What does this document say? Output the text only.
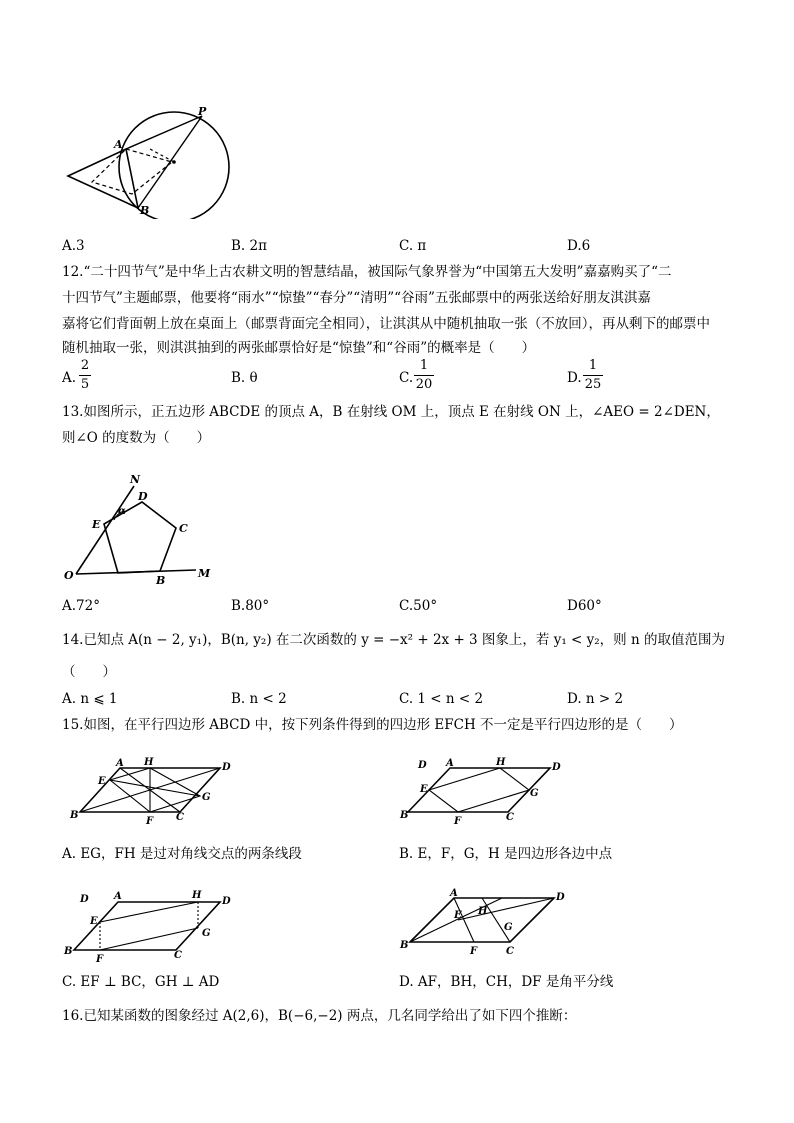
A
B
P
A.3	B. 2π	C. π	D.6
12.“二十四节气”是中华上古农耕文明的智慧结晶，被国际气象界誉为“中国第五大发明”嘉嘉购买了“二
十四节气”主题邮票，他要将“雨水”“惊蛰”“春分”“清明”“谷雨”五张邮票中的两张送给好朋友淇淇嘉
嘉将它们背面朝上放在桌面上（邮票背面完全相同），让淇淇从中随机抽取一张（不放回），再从剩下的邮票中
随机抽取一张，则淇淇抽到的两张邮票恰好是“惊蛰”和“谷雨”的概率是（　　）
A.
2
5	B. θ	C.
1
20	D.
1
25
13.如图所示，正五边形 ABCDE 的顶点 A，B 在射线 OM 上，顶点 E 在射线 ON 上，∠AEO = 2∠DEN，
则∠O 的度数为（　　）
N
D
C
E
α
O	B
M
A.72°	B.80°	C.50°	D60°
14.已知点 A(n − 2, y₁)，B(n, y₂) 在二次函数的 y = −x² + 2x + 3 图象上，若 y₁ < y₂，则 n 的取值范围为
（　　）
A. n ⩽ 1	B. n < 2	C. 1 < n < 2	D. n > 2
15.如图，在平行四边形 ABCD 中，按下列条件得到的四边形 EFCH 不一定是平行四边形的是（　　）
A H	D
E
G
B
F C
A	H	D
D
E	G
B
F	C
A. EG，FH 是过对角线交点的两条线段	B. E，F，G，H 是四边形各边中点
A	H
D
D
E
G
B
F	C
A
H
D
E
G
B
F	C
C. EF ⊥ BC，GH ⊥ AD	D. AF，BH，CH，DF 是角平分线
16.已知某函数的图象经过 A(2,6)，B(−6,−2) 两点，几名同学给出了如下四个推断：
